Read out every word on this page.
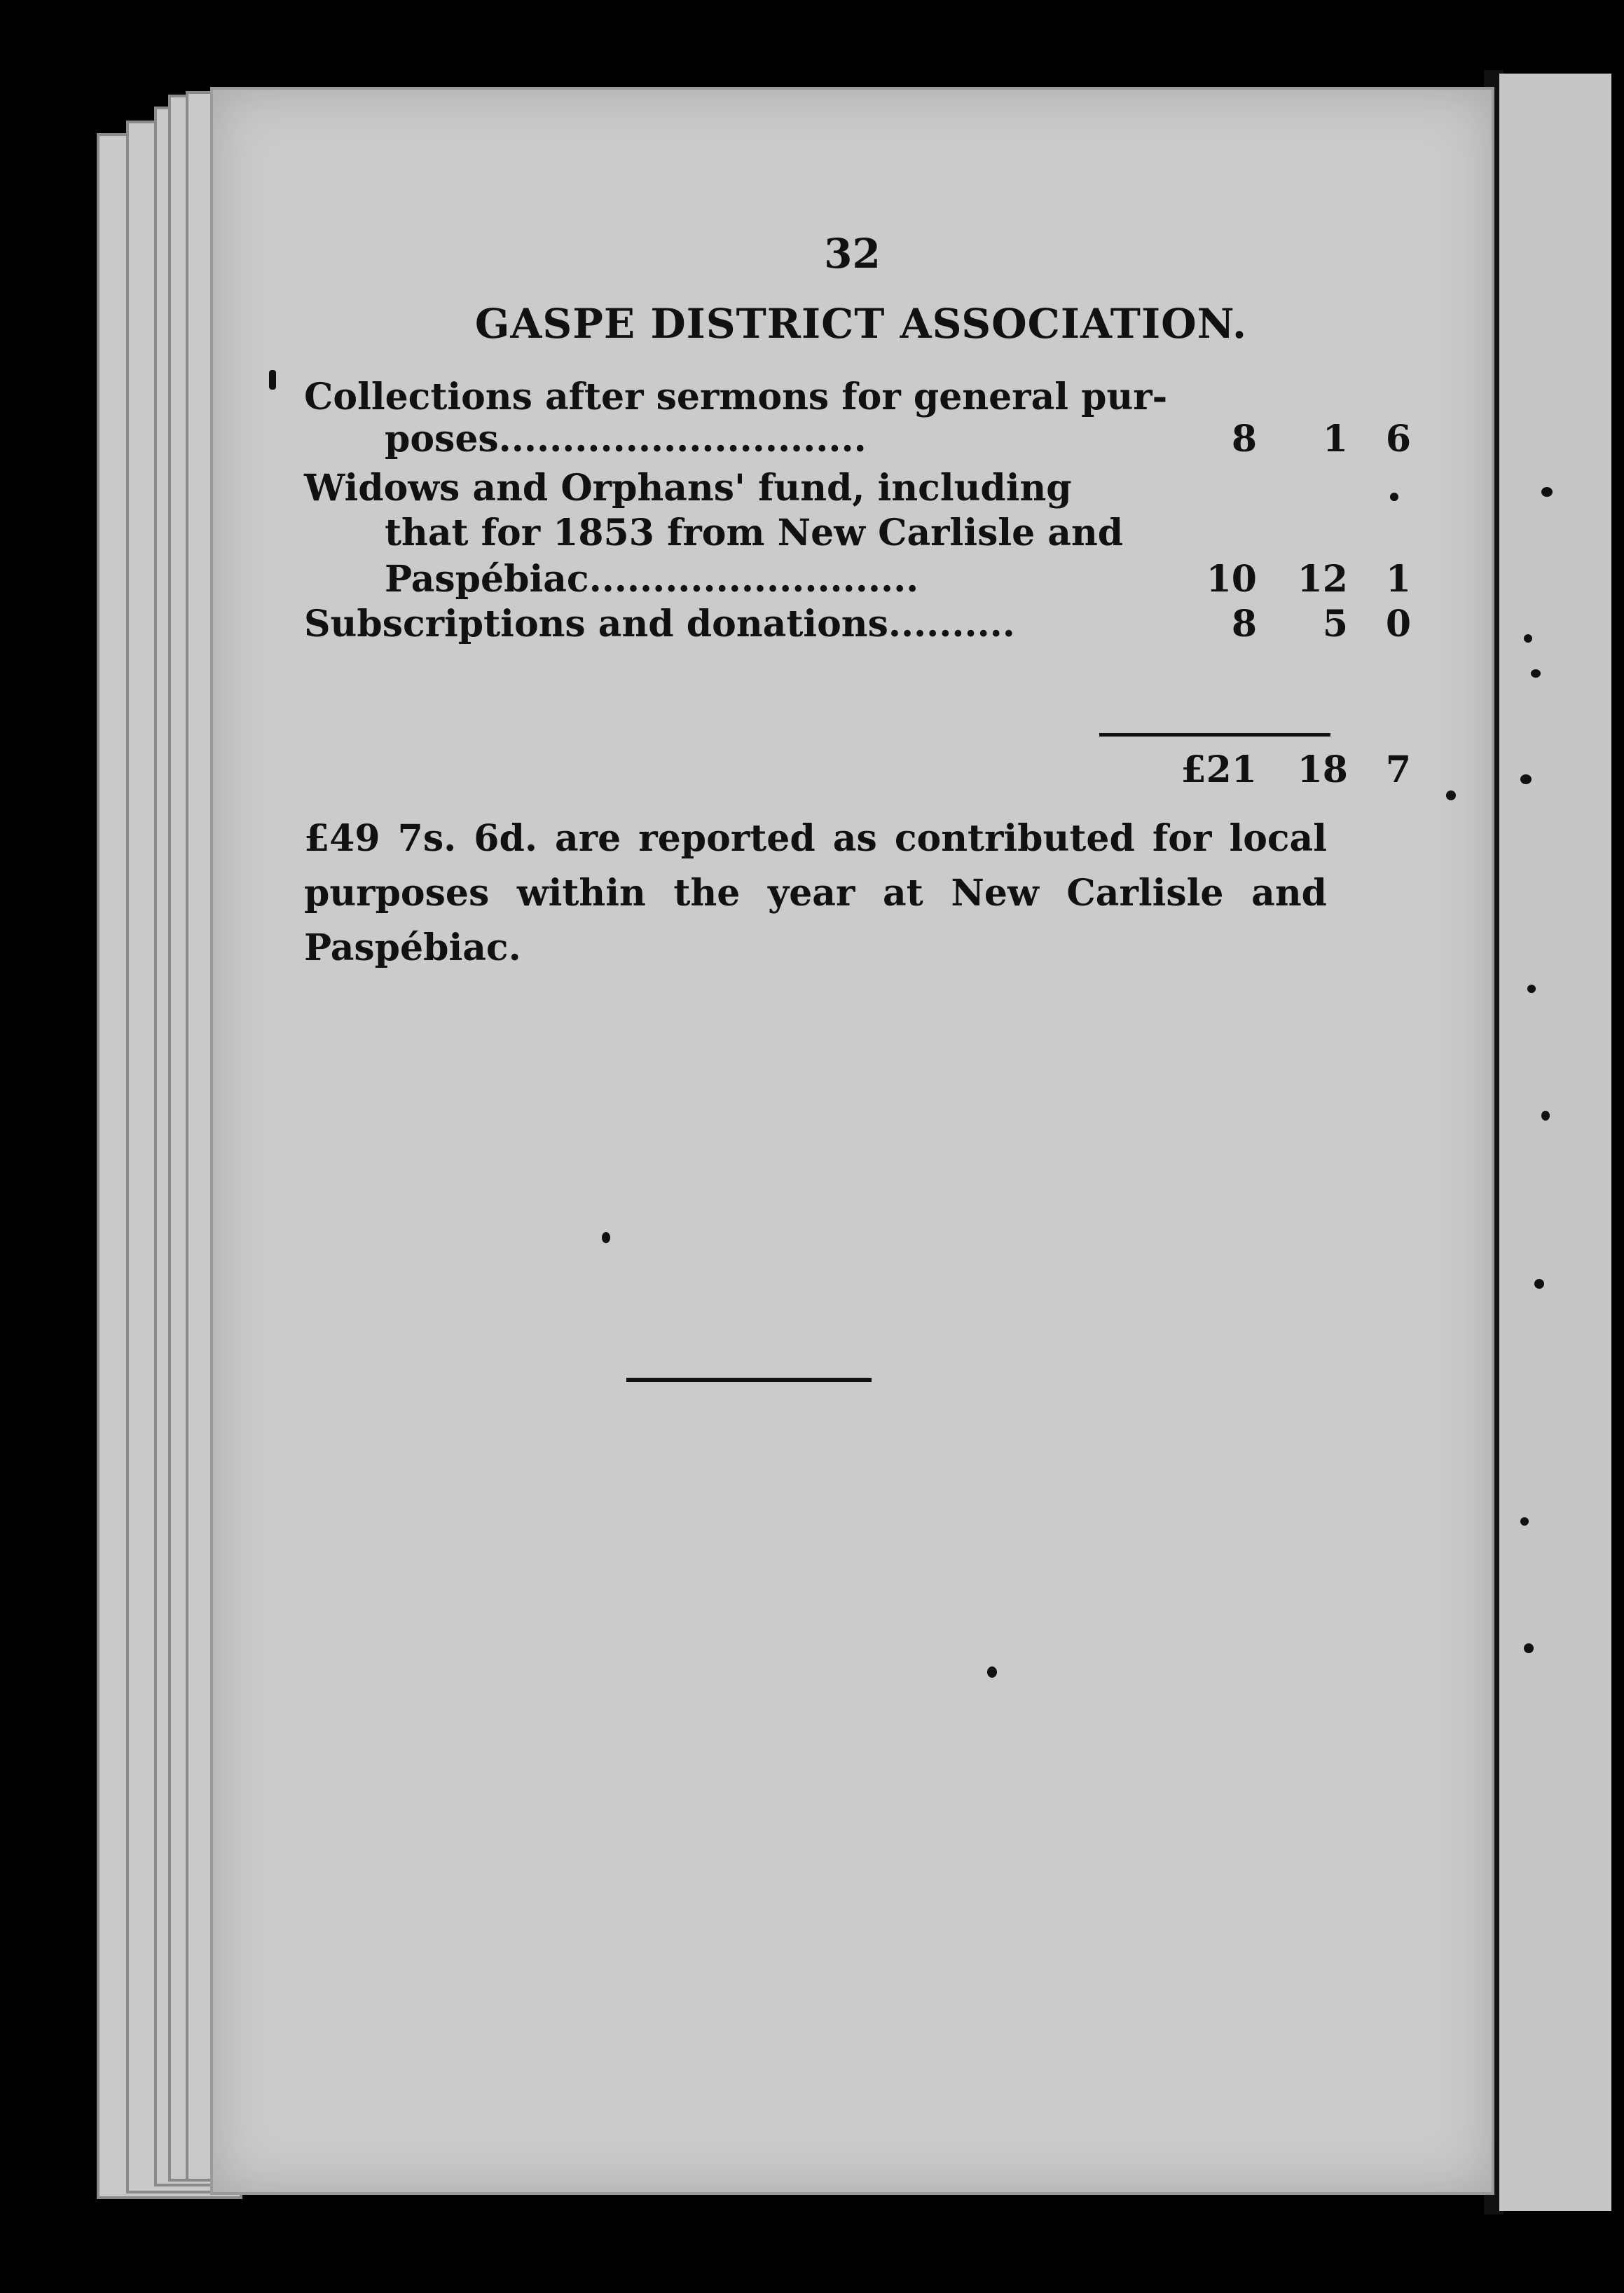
32
GASPE DISTRICT ASSOCIATION.
Collections after sermons for general pur-
poses.............................	8	1	6
Widows and Orphans' fund, including
that for 1853 from New Carlisle and
Paspébiac..........................	10	12	1
Subscriptions and donations..........	8	5	0
£21	18	7
£49 7s. 6d. are reported as contributed for local purposes within the year at New Carlisle and Paspébiac.
